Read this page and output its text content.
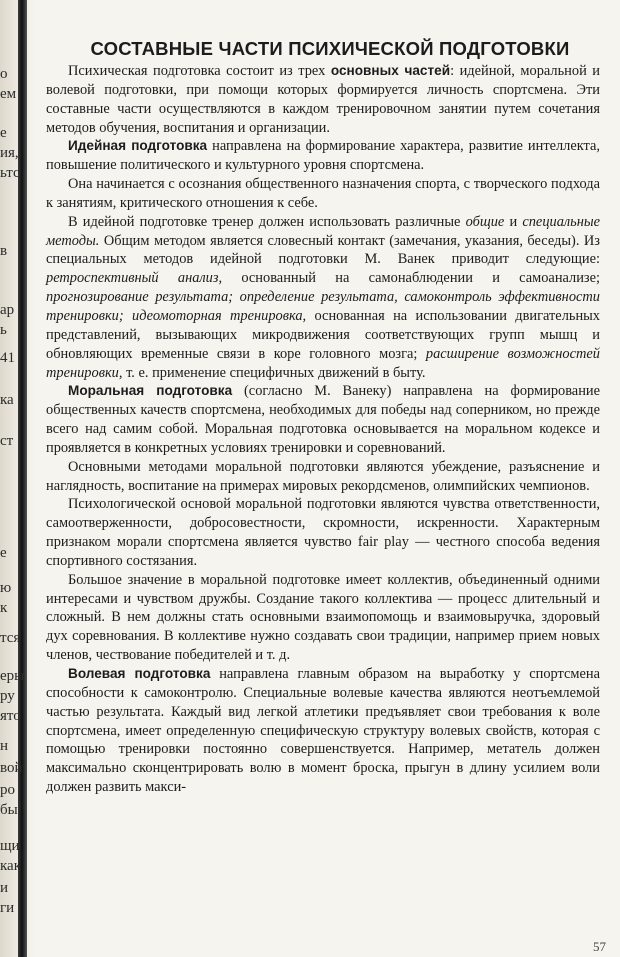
о
ем
е
ия,
ьтс
в
ар
ь
41
ка
ст
е
ю
к
тся
еры
ру
ято
н
вой
ро
бы
щи
как
и
ги
СОСТАВНЫЕ ЧАСТИ ПСИХИЧЕСКОЙ ПОДГОТОВКИ

Психическая подготовка состоит из трех основных частей: идейной, моральной и волевой подготовки, при помощи которых формируется личность спортсмена. Эти составные части осуществляются в каждом тренировочном занятии путем сочетания методов обучения, воспитания и организации.

Идейная подготовка направлена на формирование характера, развитие интеллекта, повышение политического и культурного уровня спортсмена.

Она начинается с осознания общественного назначения спорта, с творческого подхода к занятиям, критического отношения к себе.

В идейной подготовке тренер должен использовать различные общие и специальные методы. Общим методом является словесный контакт (замечания, указания, беседы). Из специальных методов идейной подготовки М. Ванек приводит следующие: ретроспективный анализ, основанный на самонаблюдении и самоанализе; прогнозирование результата; определение результата, самоконтроль эффективности тренировки; идеомоторная тренировка, основанная на использовании двигательных представлений, вызывающих микродвижения соответствующих групп мышц и обновляющих временные связи в коре головного мозга; расширение возможностей тренировки, т. е. применение специфичных движений в быту.

Моральная подготовка (согласно М. Ванеку) направлена на формирование общественных качеств спортсмена, необходимых для победы над соперником, но прежде всего над самим собой. Моральная подготовка основывается на моральном кодексе и проявляется в конкретных условиях тренировки и соревнований.

Основными методами моральной подготовки являются убеждение, разъяснение и наглядность, воспитание на примерах мировых рекордсменов, олимпийских чемпионов.

Психологической основой моральной подготовки являются чувства ответственности, самоотверженности, добросовестности, скромности, искренности. Характерным признаком морали спортсмена является чувство fair play — честного способа ведения спортивного состязания.

Большое значение в моральной подготовке имеет коллектив, объединенный одними интересами и чувством дружбы. Создание такого коллектива — процесс длительный и сложный. В нем должны стать основными взаимопомощь и взаимовыручка, здоровый дух соревнования. В коллективе нужно создавать свои традиции, например прием новых членов, чествование победителей и т. д.

Волевая подготовка направлена главным образом на выработку у спортсмена способности к самоконтролю. Специальные волевые качества являются неотъемлемой частью результата. Каждый вид легкой атлетики предъявляет свои требования к воле спортсмена, имеет определенную специфическую структуру волевых свойств, которая с помощью тренировки постоянно совершенствуется. Например, метатель должен максимально сконцентрировать волю в момент броска, прыгун в длину усилием воли должен развить макси-

57
